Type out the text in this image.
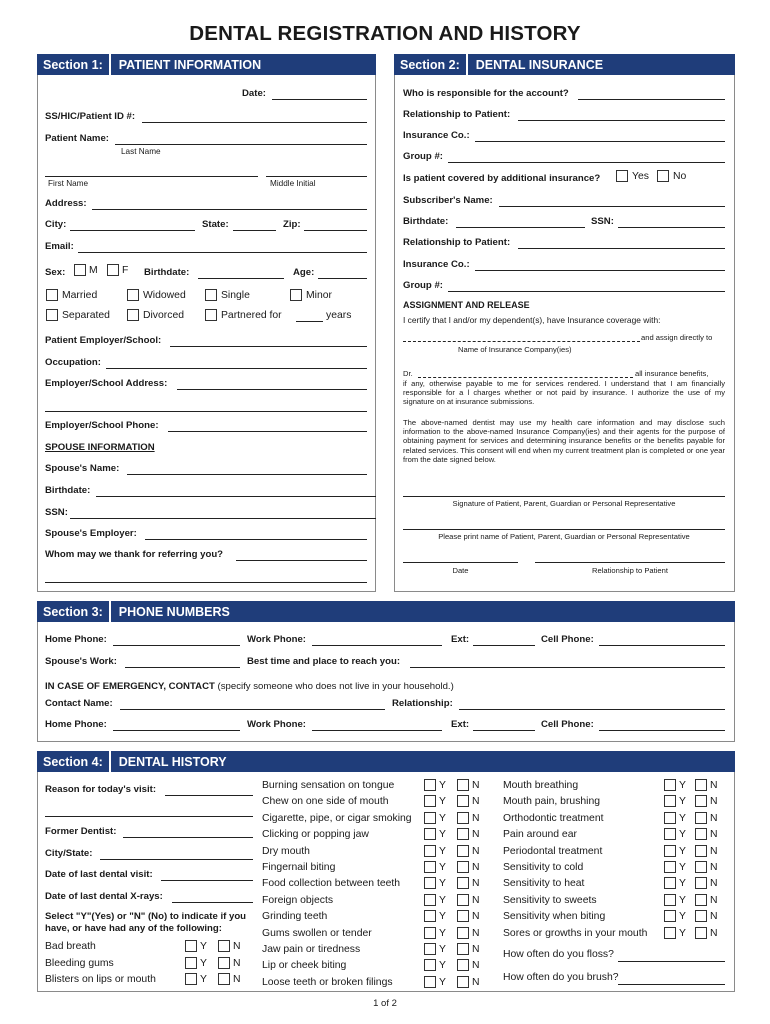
DENTAL REGISTRATION AND HISTORY
Section 1:	PATIENT INFORMATION
Date:
SS/HIC/Patient ID #:
Patient Name:
Last Name
First Name	Middle Initial
Address:
City:	State:	Zip:
Email:
Sex: M F Birthdate:	Age:
Married	Widowed	Single	Minor
Separated	Divorced	Partnered for	years
Patient Employer/School:
Occupation:
Employer/School Address:
Employer/School Phone:
SPOUSE INFORMATION
Spouse's Name:
Birthdate:
SSN:
Spouse's Employer:
Whom may we thank for referring you?
Section 2:	DENTAL INSURANCE
Who is responsible for the account?
Relationship to Patient:
Insurance Co.:
Group #:
Is patient covered by additional insurance?	Yes No
Subscriber's Name:
Birthdate:	SSN:
Relationship to Patient:
Insurance Co.:
Group #:
ASSIGNMENT AND RELEASE
I certify that I and/or my dependent(s), have Insurance coverage with:
and assign directly to
Name of Insurance Company(ies)
Dr.	all insurance benefits,
if any, otherwise payable to me for services rendered. I understand that I am financially responsible for a l charges whether or not paid by insurance. I authorize the use of my signature on at insurance submissions.
The above-named dentist may use my health care information and may disclose such information to the above-named Insurance Company(ies) and their agents for the purpose of obtaining payment for services and determining insurance benefits or the benefits payable for related services. This consent will end when my current treatment plan is completed or one year from the date signed below.
Signature of Patient, Parent, Guardian or Personal Representative
Please print name of Patient, Parent, Guardian or Personal Representative
Date	Relationship to Patient
Section 3:	PHONE NUMBERS
Home Phone:	Work Phone:	Ext:	Cell Phone:
Spouse's Work:	Best time and place to reach you:
IN CASE OF EMERGENCY, CONTACT (specify someone who does not live in your household.)
Contact Name:	Relationship:
Home Phone:	Work Phone:	Ext:	Cell Phone:
Section 4:	DENTAL HISTORY
Reason for today's visit:
Former Dentist:
City/State:
Date of last dental visit:
Date of last dental X-rays:
Select "Y"(Yes) or "N" (No) to indicate if you have, or have had any of the following:
Bad breath	Y	N
Bleeding gums	Y	N
Blisters on lips or mouth	Y	N
Burning sensation on tongue	Y	N
Chew on one side of mouth	Y	N
Cigarette, pipe, or cigar smoking	Y	N
Clicking or popping jaw	Y	N
Dry mouth	Y	N
Fingernail biting	Y	N
Food collection between teeth	Y	N
Foreign objects	Y	N
Grinding teeth	Y	N
Gums swollen or tender	Y	N
Jaw pain or tiredness	Y	N
Lip or cheek biting	Y	N
Loose teeth or broken filings	Y	N
Mouth breathing	Y N
Mouth pain, brushing	Y N
Orthodontic treatment	Y N
Pain around ear	Y N
Periodontal treatment	Y N
Sensitivity to cold	Y N
Sensitivity to heat	Y N
Sensitivity to sweets	Y N
Sensitivity when biting	Y N
Sores or growths in your mouth	Y N
How often do you floss?
How often do you brush?
1 of 2
